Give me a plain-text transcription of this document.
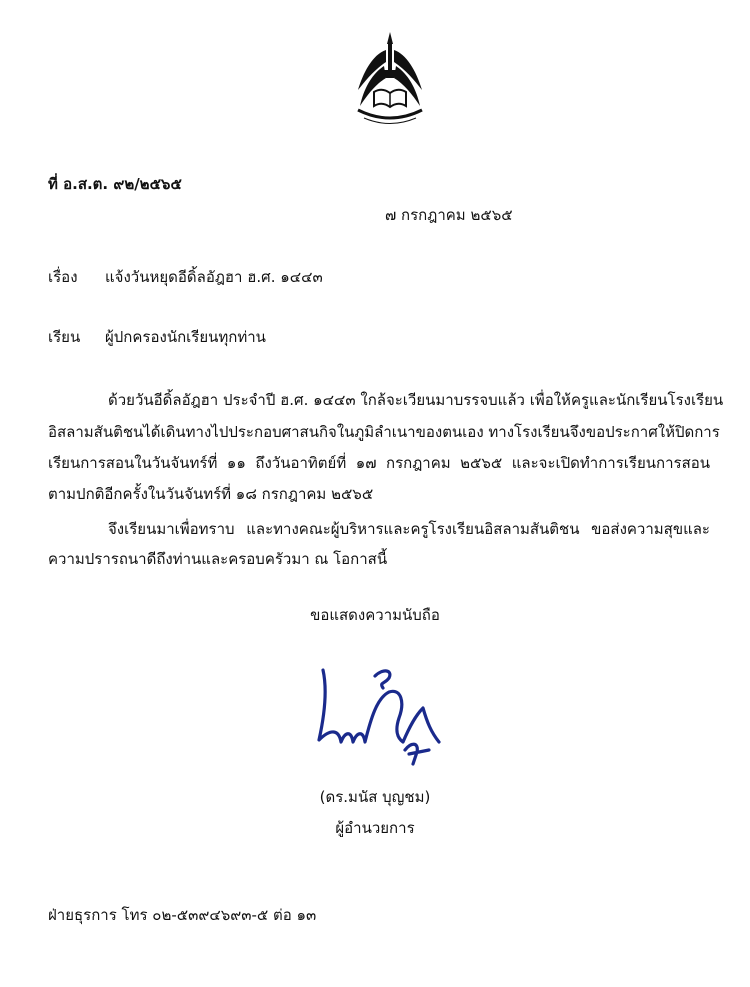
ที่ อ.ส.ต. ๙๒/๒๕๖๕
๗ กรกฎาคม ๒๕๖๕
เรื่อง แจ้งวันหยุดอีดิ้ลอัฎฮา ฮ.ศ. ๑๔๔๓
เรียน ผู้ปกครองนักเรียนทุกท่าน
ด้วยวันอีดิ้ลอัฎฮา ประจำปี ฮ.ศ. ๑๔๔๓ ใกล้จะเวียนมาบรรจบแล้ว เพื่อให้ครูและนักเรียนโรงเรียน
อิสลามสันติชนได้เดินทางไปประกอบศาสนกิจในภูมิลำเนาของตนเอง ทางโรงเรียนจึงขอประกาศให้ปิดการ
เรียนการสอนในวันจันทร์ที่ ๑๑ ถึงวันอาทิตย์ที่ ๑๗ กรกฎาคม ๒๕๖๕ และจะเปิดทำการเรียนการสอน
ตามปกติอีกครั้งในวันจันทร์ที่ ๑๘ กรกฎาคม ๒๕๖๕
จึงเรียนมาเพื่อทราบ และทางคณะผู้บริหารและครูโรงเรียนอิสลามสันติชน ขอส่งความสุขและ
ความปรารถนาดีถึงท่านและครอบครัวมา ณ โอกาสนี้
ขอแสดงความนับถือ
(ดร.มนัส บุญชม)
ผู้อำนวยการ
ฝ่ายธุรการ โทร ๐๒-๕๓๙๔๖๙๓-๕ ต่อ ๑๓
